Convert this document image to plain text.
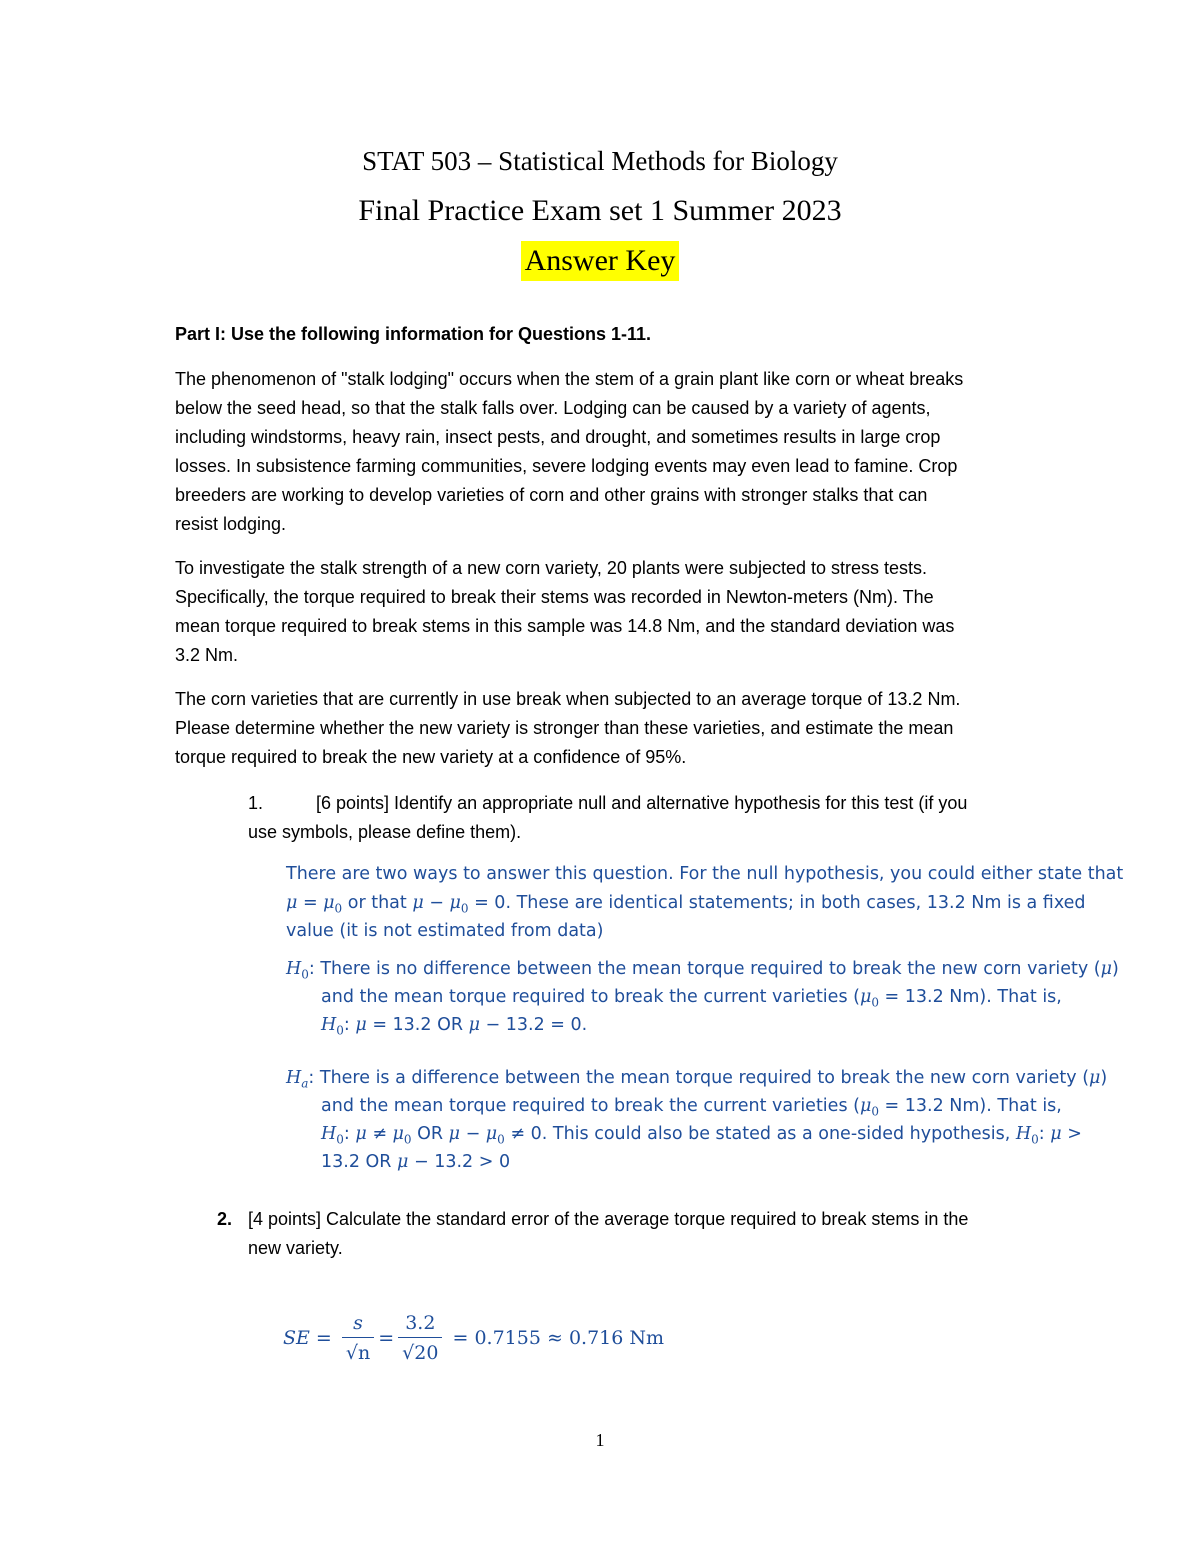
STAT 503 – Statistical Methods for Biology
Final Practice Exam set 1 Summer 2023
Answer Key
Part I: Use the following information for Questions 1-11.
The phenomenon of "stalk lodging" occurs when the stem of a grain plant like corn or wheat breaks
below the seed head, so that the stalk falls over. Lodging can be caused by a variety of agents,
including windstorms, heavy rain, insect pests, and drought, and sometimes results in large crop
losses. In subsistence farming communities, severe lodging events may even lead to famine. Crop
breeders are working to develop varieties of corn and other grains with stronger stalks that can
resist lodging.
To investigate the stalk strength of a new corn variety, 20 plants were subjected to stress tests.
Specifically, the torque required to break their stems was recorded in Newton-meters (Nm). The
mean torque required to break stems in this sample was 14.8 Nm, and the standard deviation was
3.2 Nm.
The corn varieties that are currently in use break when subjected to an average torque of 13.2 Nm.
Please determine whether the new variety is stronger than these varieties, and estimate the mean
torque required to break the new variety at a confidence of 95%.
1.	[6 points] Identify an appropriate null and alternative hypothesis for this test (if you
use symbols, please define them).
There are two ways to answer this question. For the null hypothesis, you could either state that
$\mu = \mu_0$ or that $\mu - \mu_0 = 0$. These are identical statements; in both cases, 13.2 Nm is a fixed
value (it is not estimated from data)
$H_0$: There is no difference between the mean torque required to break the new corn variety (μ)
and the mean torque required to break the current varieties ($\mu_0 = 13.2$ Nm). That is,
$H_0$: μ = 13.2 OR μ − 13.2 = 0.
$H_a$: There is a difference between the mean torque required to break the new corn variety (μ)
and the mean torque required to break the current varieties ($\mu_0 = 13.2$ Nm). That is,
$H_0$: $\mu \ne \mu_0$ OR $\mu - \mu_0 \ne 0$. This could also be stated as a one-sided hypothesis, $H_0$: μ >
13.2 OR μ − 13.2 > 0
2. [4 points] Calculate the standard error of the average torque required to break stems in the
new variety.
SE = $\frac{s}{√n} = \frac{3.2}{√20} = 0.7155 \approx 0.716$ Nm
1
